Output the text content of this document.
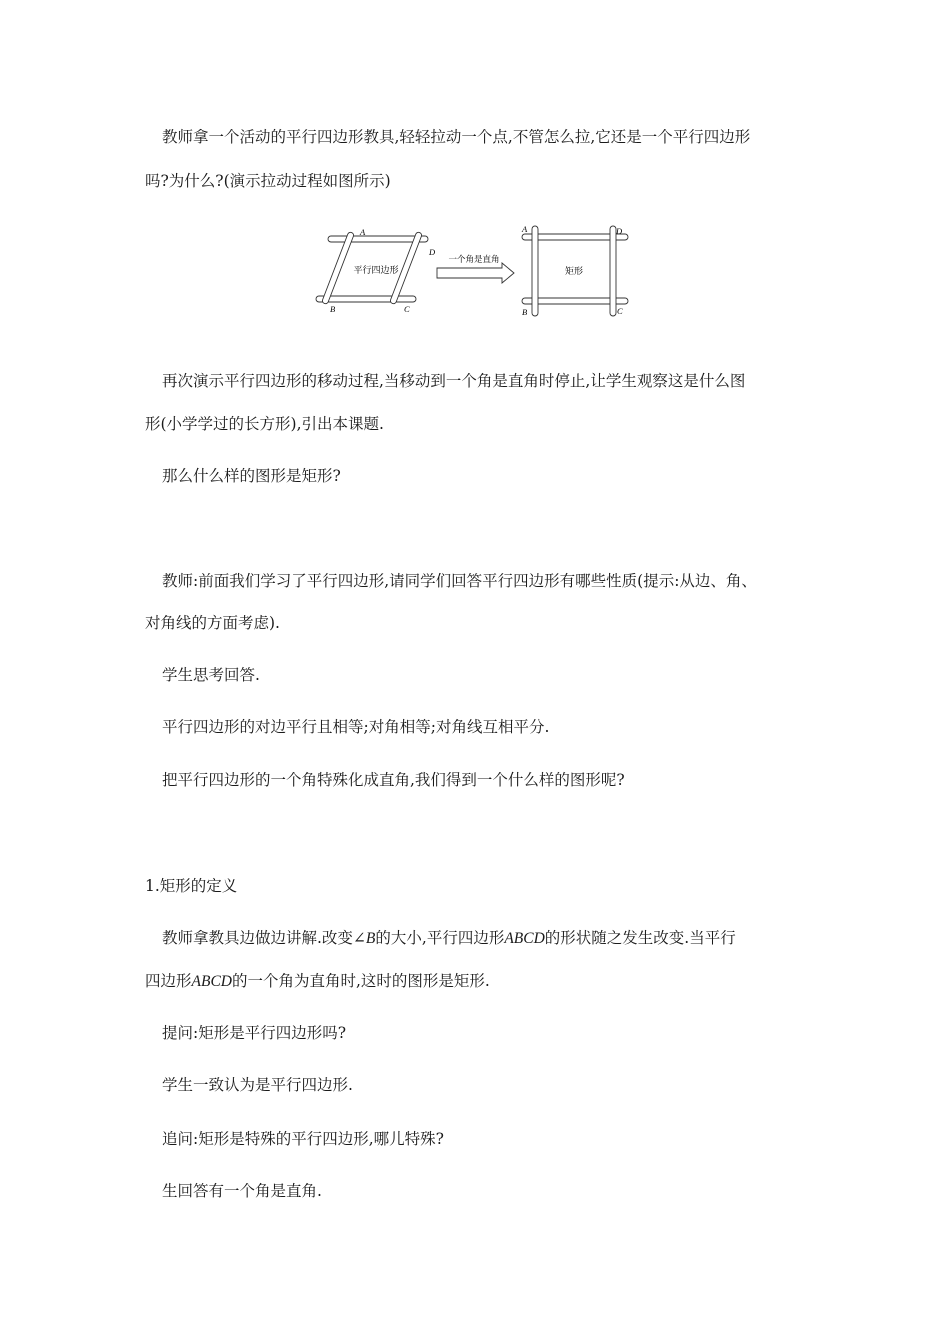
教师拿一个活动的平行四边形教具,轻轻拉动一个点,不管怎么拉,它还是一个平行四边形

吗?为什么?(演示拉动过程如图所示)

平行四边形
一个角是直角
矩形
A
D
B	C
A	D
B	C

再次演示平行四边形的移动过程,当移动到一个角是直角时停止,让学生观察这是什么图

形(小学学过的长方形),引出本课题.

那么什么样的图形是矩形?

教师:前面我们学习了平行四边形,请同学们回答平行四边形有哪些性质(提示:从边、角、

对角线的方面考虑).

学生思考回答.

平行四边形的对边平行且相等;对角相等;对角线互相平分.

把平行四边形的一个角特殊化成直角,我们得到一个什么样的图形呢?

1.矩形的定义

教师拿教具边做边讲解.改变∠B的大小,平行四边形ABCD的形状随之发生改变.当平行

四边形ABCD的一个角为直角时,这时的图形是矩形.

提问:矩形是平行四边形吗?

学生一致认为是平行四边形.

追问:矩形是特殊的平行四边形,哪儿特殊?

生回答有一个角是直角.
